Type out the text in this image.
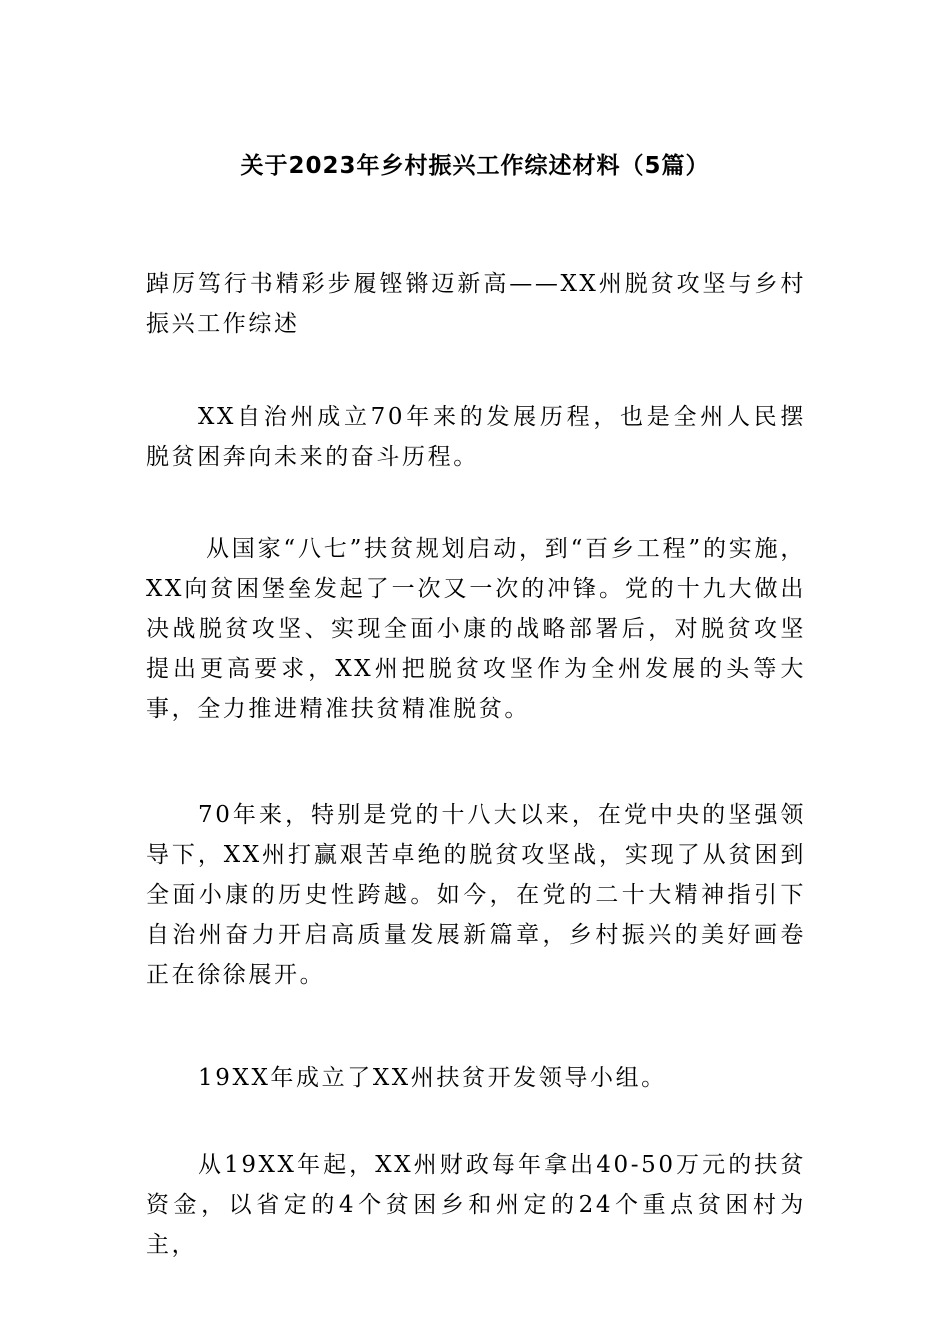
关于2023年乡村振兴工作综述材料（5篇）

踔厉笃行书精彩步履铿锵迈新高——XX州脱贫攻坚与乡村振兴工作综述

XX自治州成立70年来的发展历程，也是全州人民摆脱贫困奔向未来的奋斗历程。

从国家“八七”扶贫规划启动，到“百乡工程”的实施，XX向贫困堡垒发起了一次又一次的冲锋。党的十九大做出决战脱贫攻坚、实现全面小康的战略部署后，对脱贫攻坚提出更高要求，XX州把脱贫攻坚作为全州发展的头等大事，全力推进精准扶贫精准脱贫。

70年来，特别是党的十八大以来，在党中央的坚强领导下，XX州打赢艰苦卓绝的脱贫攻坚战，实现了从贫困到全面小康的历史性跨越。如今，在党的二十大精神指引下自治州奋力开启高质量发展新篇章，乡村振兴的美好画卷正在徐徐展开。

19XX年成立了XX州扶贫开发领导小组。

从19XX年起，XX州财政每年拿出40-50万元的扶贫资金，以省定的4个贫困乡和州定的24个重点贫困村为主，
